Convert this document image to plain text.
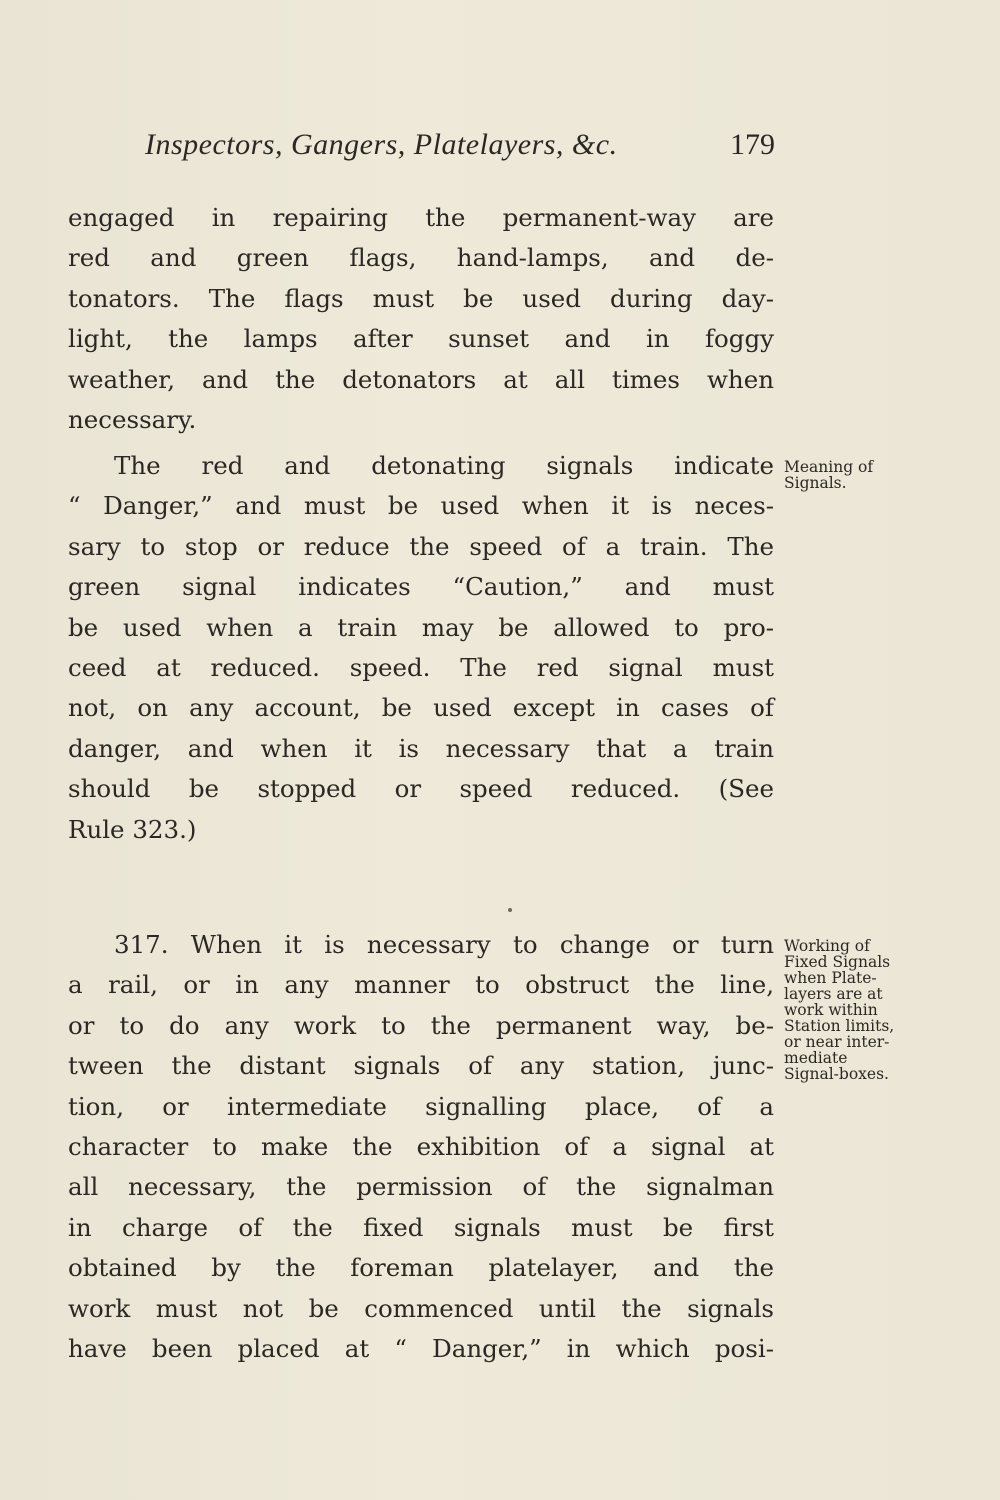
Inspectors, Gangers, Platelayers, &c.	179
engaged in repairing the permanent-way are
red and green flags, hand-lamps, and de-
tonators. The flags must be used during day-
light, the lamps after sunset and in foggy
weather, and the detonators at all times when
necessary.
The red and detonating signals indicate
“ Danger,” and must be used when it is neces-
sary to stop or reduce the speed of a train. The
green signal indicates “Caution,” and must
be used when a train may be allowed to pro-
ceed at reduced. speed. The red signal must
not, on any account, be used except in cases of
danger, and when it is necessary that a train
should be stopped or speed reduced. (See
Rule 323.)
317. When it is necessary to change or turn
a rail, or in any manner to obstruct the line,
or to do any work to the permanent way, be-
tween the distant signals of any station, junc-
tion, or intermediate signalling place, of a
character to make the exhibition of a signal at
all necessary, the permission of the signalman
in charge of the fixed signals must be first
obtained by the foreman platelayer, and the
work must not be commenced until the signals
have been placed at “ Danger,” in which posi-
Meaning of
Signals.
Working of
Fixed Signals
when Plate-
layers are at
work within
Station limits,
or near inter-
mediate
Signal-boxes.
